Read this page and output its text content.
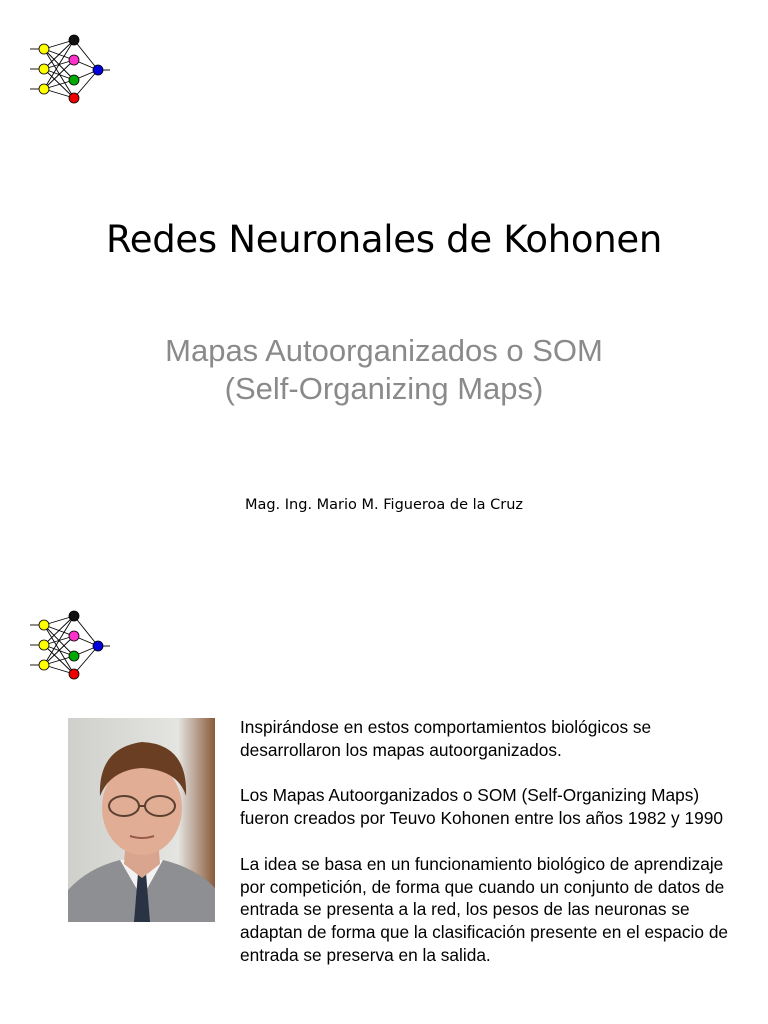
Redes Neuronales de Kohonen
Mapas Autoorganizados o SOM
(Self-Organizing Maps)
Mag. Ing. Mario M. Figueroa de la Cruz

Inspirándose en estos comportamientos biológicos se desarrollaron los mapas autoorganizados.

Los Mapas Autoorganizados o SOM (Self-Organizing Maps) fueron creados por Teuvo Kohonen entre los años 1982 y 1990

La idea se basa en un funcionamiento biológico de aprendizaje por competición, de forma que cuando un conjunto de datos de entrada se presenta a la red, los pesos de las neuronas se adaptan de forma que la clasificación presente en el espacio de entrada se preserva en la salida.
